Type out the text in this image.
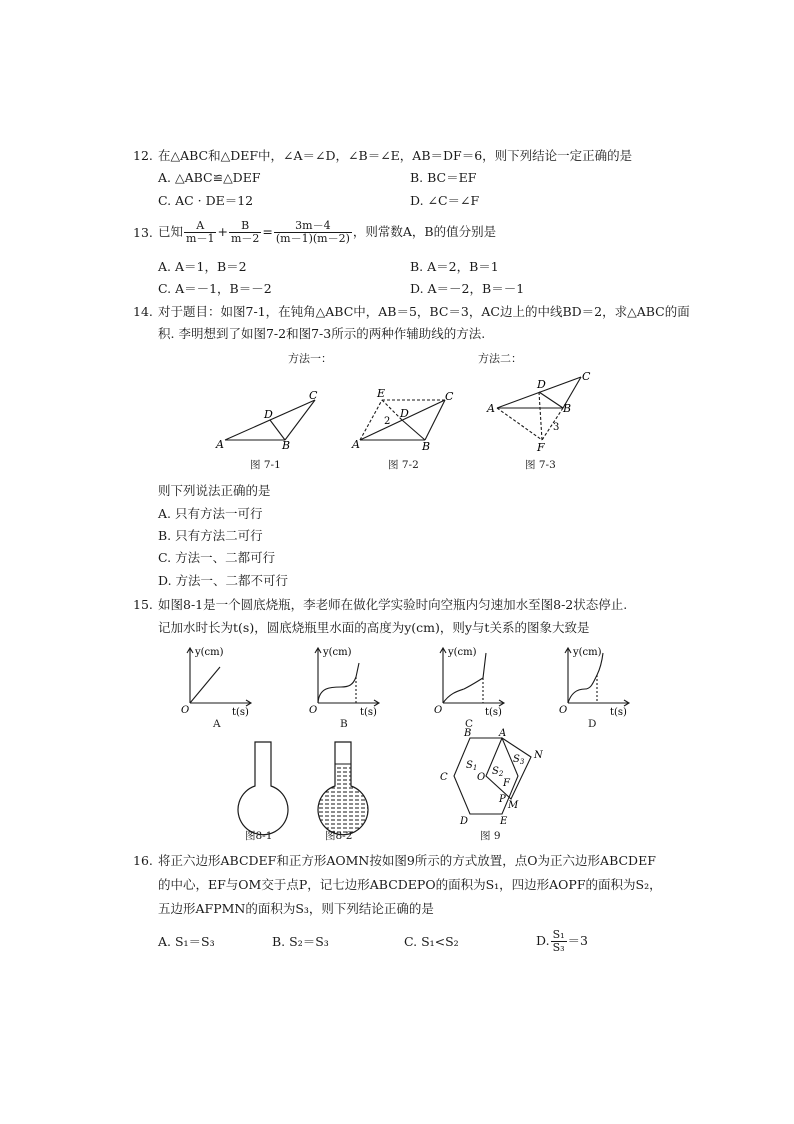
12. 在△ABC和△DEF中，∠A＝∠D，∠B＝∠E，AB＝DF＝6，则下列结论一定正确的是
A. △ABC≌△DEF	B. BC＝EF
C. AC · DE＝12	D. ∠C＝∠F
13. 已知 $\frac{A}{m-1} + \frac{B}{m-2} = \frac{3m-4}{(m-1)(m-2)}$ ，则常数A，B的值分别是
A. A＝1，B＝2	B. A＝2，B＝1
C. A＝－1，B＝－2	D. A＝－2，B＝－1
14. 对于题目：如图7-1，在钝角△ABC中，AB＝5，BC＝3，AC边上的中线BD＝2，求△ABC的面
积. 李明想到了如图7-2和图7-3所示的两种作辅助线的方法.
方法一：	方法二：
A	B
C
D
图 7-1
A	B
C
D
E
2
图 7-2
A	B
C
D
F
3
图 7-3
则下列说法正确的是
A. 只有方法一可行
B. 只有方法二可行
C. 方法一、二都可行
D. 方法一、二都不可行
15. 如图8-1是一个圆底烧瓶，李老师在做化学实验时向空瓶内匀速加水至图8-2状态停止.
记加水时长为t(s)，圆底烧瓶里水面的高度为y(cm)，则y与t关系的图象大致是
y(cm)
t(s)
O
A
y(cm)
t(s)
O
B
y(cm)
t(s)
O
C
y(cm)
t(s)
O
D
图8-1	图8-2
B	A
C
D	E
F
O
M
N
P
$S_1$ $S_2$
$S_3$
图 9
16. 将正六边形ABCDEF和正方形AOMN按如图9所示的方式放置，点O为正六边形ABCDEF
的中心，EF与OM交于点P，记七边形ABCDEPO的面积为S₁，四边形AOPF的面积为S₂，
五边形AFPMN的面积为S₃，则下列结论正确的是
A. S₁＝S₃	B. S₂＝S₃	C. S₁<S₂	D. $\frac{\text{S₁}}{\text{S₃}} =3$
